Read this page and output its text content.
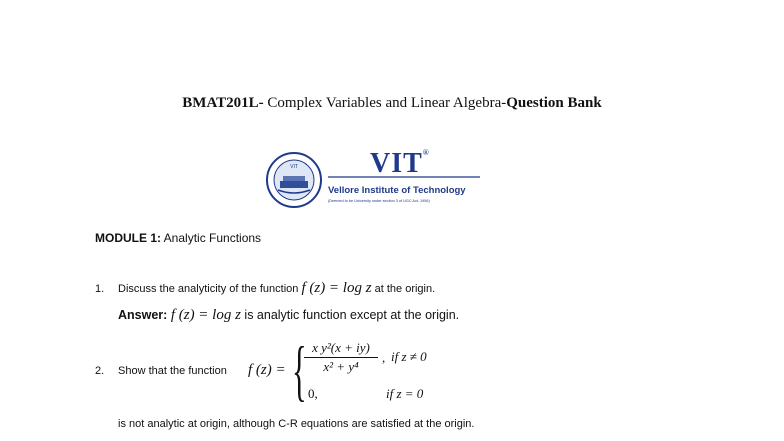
BMAT201L- Complex Variables and Linear Algebra-Question Bank
VIT	VIT®
Vellore Institute of Technology
(Deemed to be University under section 3 of UGC Act, 1956)
MODULE 1: Analytic Functions
1. Discuss the analyticity of the function f (z) = log z at the origin.
Answer: f (z) = log z is analytic function except at the origin.
2. Show that the function f (z) = {
$\frac{\text{x y²(x + iy)}}{\text{x² + y⁴}}$ , if z ≠ 0
0,	if z = 0
is not analytic at origin, although C-R equations are satisfied at the origin.
